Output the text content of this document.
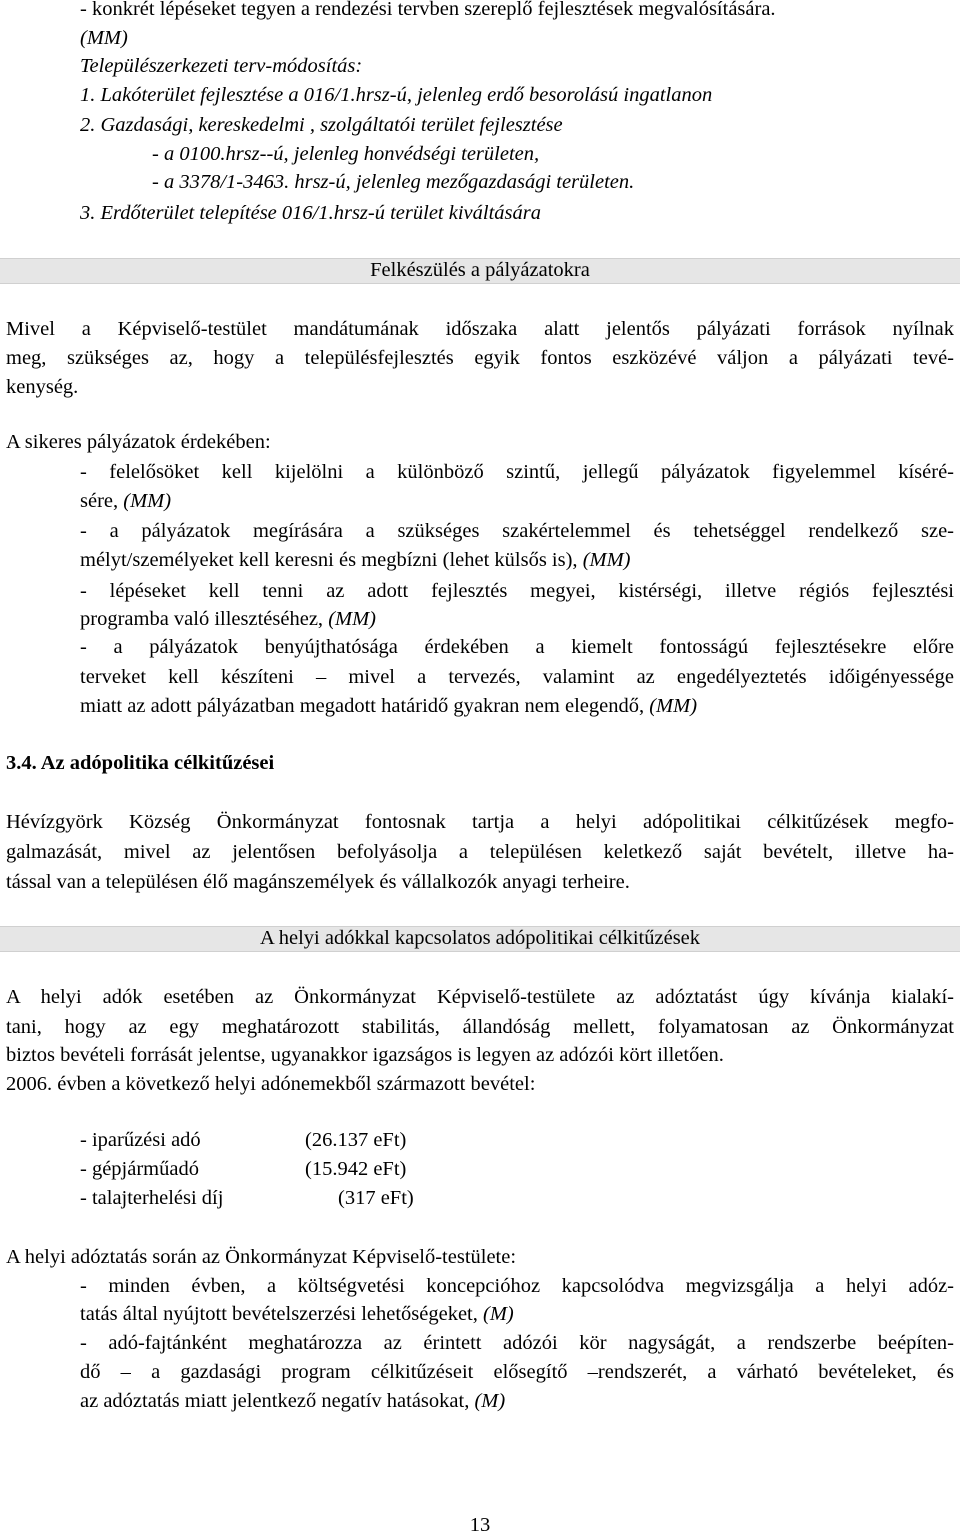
- konkrét lépéseket tegyen a rendezési tervben szereplő fejlesztések megvalósítására.
(MM)
Települészerkezeti terv-módosítás:
1. Lakóterület fejlesztése a 016/1.hrsz-ú, jelenleg erdő besorolású ingatlanon
2. Gazdasági, kereskedelmi , szolgáltatói terület fejlesztése
- a 0100.hrsz--ú, jelenleg honvédségi területen,
- a 3378/1-3463. hrsz-ú, jelenleg mezőgazdasági területen.
3. Erdőterület telepítése 016/1.hrsz-ú terület kiváltására
Felkészülés a pályázatokra
Mivel a Képviselő-testület mandátumának időszaka alatt jelentős pályázati források nyílnak
meg, szükséges az, hogy a településfejlesztés egyik fontos eszközévé váljon a pályázati tevé-
kenység.
A sikeres pályázatok érdekében:
- felelősöket kell kijelölni a különböző szintű, jellegű pályázatok figyelemmel kíséré-
sére, (MM)
- a pályázatok megírására a szükséges szakértelemmel és tehetséggel rendelkező sze-
mélyt/személyeket kell keresni és megbízni (lehet külsős is), (MM)
- lépéseket kell tenni az adott fejlesztés megyei, kistérségi, illetve régiós fejlesztési
programba való illesztéséhez, (MM)
- a pályázatok benyújthatósága érdekében a kiemelt fontosságú fejlesztésekre előre
terveket kell készíteni – mivel a tervezés, valamint az engedélyeztetés időigényessége
miatt az adott pályázatban megadott határidő gyakran nem elegendő, (MM)
3.4. Az adópolitika célkitűzései
Hévízgyörk Község Önkormányzat fontosnak tartja a helyi adópolitikai célkitűzések megfo-
galmazását, mivel az jelentősen befolyásolja a településen keletkező saját bevételt, illetve ha-
tással van a településen élő magánszemélyek és vállalkozók anyagi terheire.
A helyi adókkal kapcsolatos adópolitikai célkitűzések
A helyi adók esetében az Önkormányzat Képviselő-testülete az adóztatást úgy kívánja kialakí-
tani, hogy az egy meghatározott stabilitás, állandóság mellett, folyamatosan az Önkormányzat
biztos bevételi forrását jelentse, ugyanakkor igazságos is legyen az adózói kört illetően.
2006. évben a következő helyi adónemekből származott bevétel:
- iparűzési adó	(26.137 eFt)
- gépjárműadó	(15.942 eFt)
- talajterhelési díj	(317 eFt)
A helyi adóztatás során az Önkormányzat Képviselő-testülete:
- minden évben, a költségvetési koncepcióhoz kapcsolódva megvizsgálja a helyi adóz-
tatás által nyújtott bevételszerzési lehetőségeket, (M)
- adó-fajtánként meghatározza az érintett adózói kör nagyságát, a rendszerbe beépíten-
dő – a gazdasági program célkitűzéseit elősegítő –rendszerét, a várható bevételeket, és
az adóztatás miatt jelentkező negatív hatásokat, (M)
13
